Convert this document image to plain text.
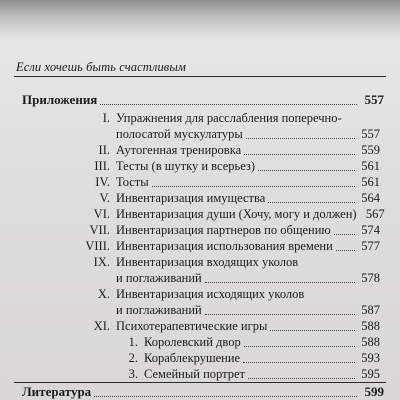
Если хочешь быть счастливым
Приложения	557
I. Упражнения для расслабления поперечно-
полосатой мускулатуры	557
II. Аутогенная тренировка	559
III. Тесты (в шутку и всерьез)	561
IV. Тосты	561
V. Инвентаризация имущества	564
VI. Инвентаризация души (Хочу, могу и должен) 567
VII. Инвентаризация партнеров по общению 574
VIII. Инвентаризация использования времени 577
IX. Инвентаризация входящих уколов
и поглаживаний	578
X. Инвентаризация исходящих уколов
и поглаживаний	587
XI. Психотерапевтические игры	588
1. Королевский двор	588
2. Кораблекрушение	593
3. Семейный портрет	595
Литература	599
